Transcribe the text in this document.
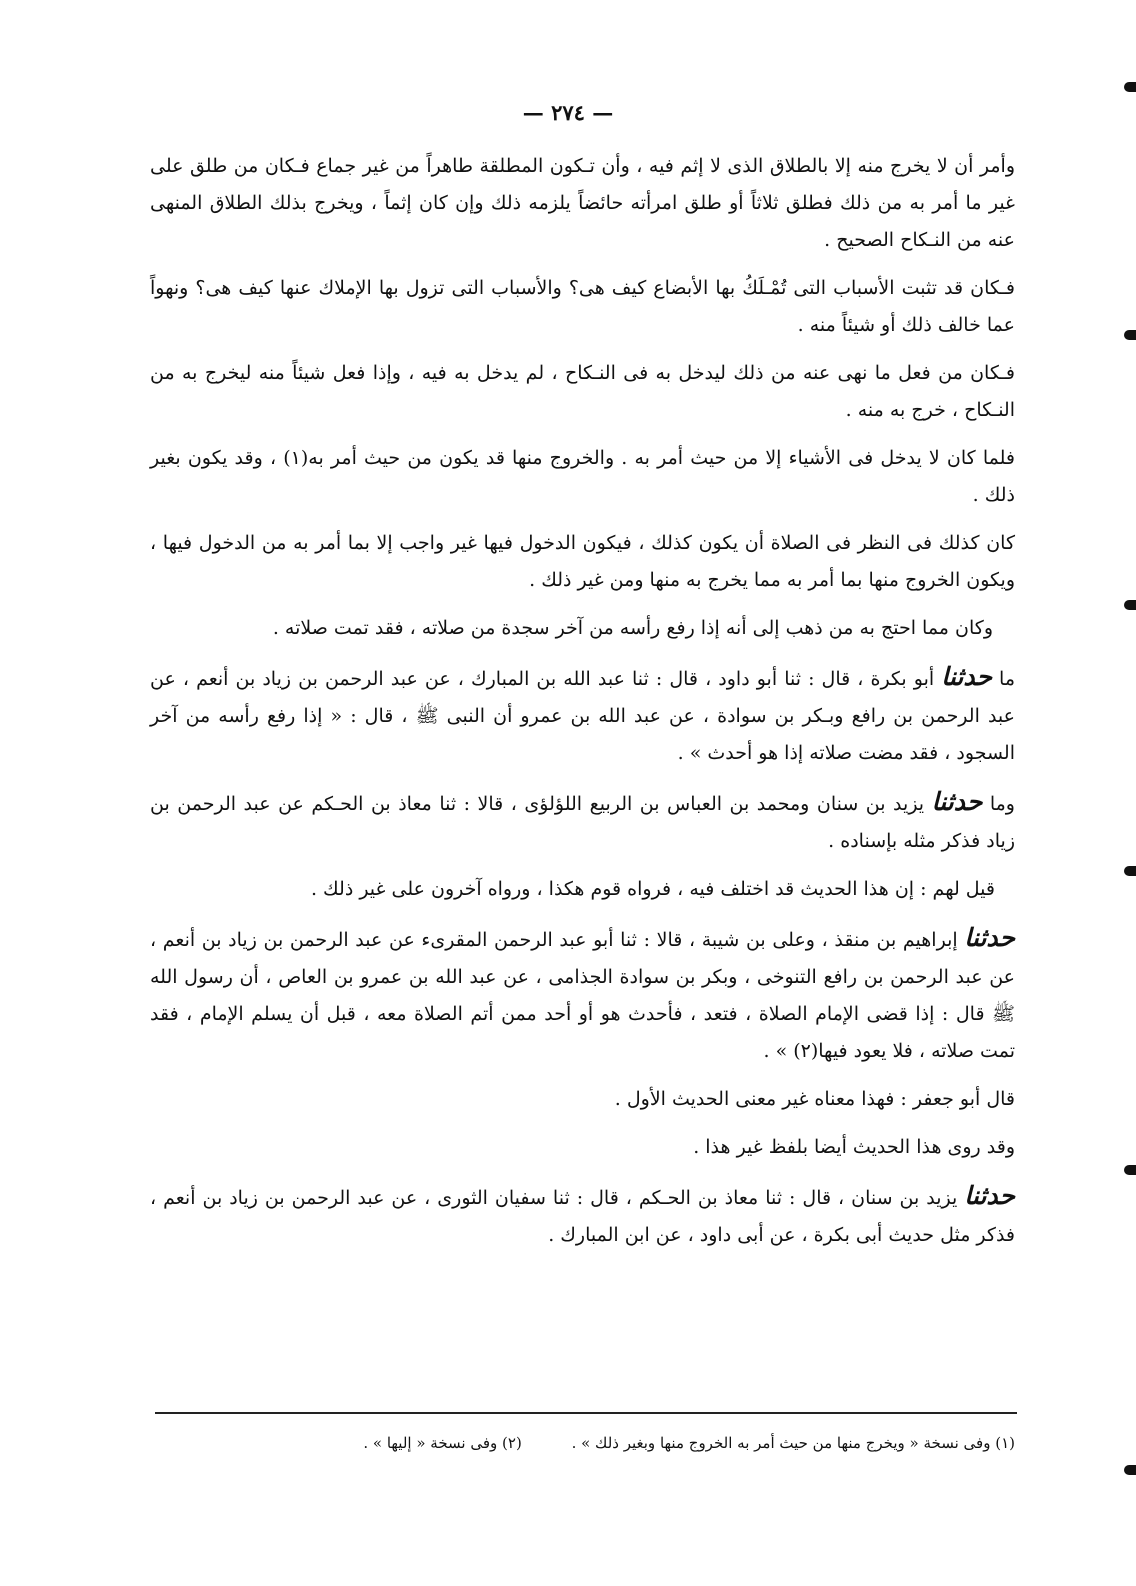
— ٢٧٤ —

وأمر أن لا يخرج منه إلا بالطلاق الذى لا إثم فيه ، وأن تـكون المطلقة طاهراً من غير جماع فـكان من طلق على غير ما أمر به من ذلك فطلق ثلاثاً أو طلق امرأته حائضاً يلزمه ذلك وإن كان إثماً ، ويخرج بذلك الطلاق المنهى عنه من النـكاح الصحيح .

فـكان قد تثبت الأسباب التى تُمْـلَكُ بها الأبضاع كيف هى؟ والأسباب التى تزول بها الإملاك عنها كيف هى؟ ونهواً عما خالف ذلك أو شيئاً منه .

فـكان من فعل ما نهى عنه من ذلك ليدخل به فى النـكاح ، لم يدخل به فيه ، وإذا فعل شيئاً منه ليخرج به من النـكاح ، خرج به منه .

فلما كان لا يدخل فى الأشياء إلا من حيث أمر به . والخروج منها قد يكون من حيث أمر به(١) ، وقد يكون بغير ذلك .

كان كذلك فى النظر فى الصلاة أن يكون كذلك ، فيكون الدخول فيها غير واجب إلا بما أمر به من الدخول فيها ، ويكون الخروج منها بما أمر به مما يخرج به منها ومن غير ذلك .

وكان مما احتج به من ذهب إلى أنه إذا رفع رأسه من آخر سجدة من صلاته ، فقد تمت صلاته .

ما حدثنا أبو بكرة ، قال : ثنا أبو داود ، قال : ثنا عبد الله بن المبارك ، عن عبد الرحمن بن زياد بن أنعم ، عن عبد الرحمن بن رافع وبـكر بن سوادة ، عن عبد الله بن عمرو أن النبى ﷺ ، قال : « إذا رفع رأسه من آخر السجود ، فقد مضت صلاته إذا هو أحدث » .

وما حدثنا يزيد بن سنان ومحمد بن العباس بن الربيع اللؤلؤى ، قالا : ثنا معاذ بن الحـكم عن عبد الرحمن بن زياد فذكر مثله بإسناده .

قيل لهم : إن هذا الحديث قد اختلف فيه ، فرواه قوم هكذا ، ورواه آخرون على غير ذلك .

حدثنا إبراهيم بن منقذ ، وعلى بن شيبة ، قالا : ثنا أبو عبد الرحمن المقرىء عن عبد الرحمن بن زياد بن أنعم ، عن عبد الرحمن بن رافع التنوخى ، وبكر بن سوادة الجذامى ، عن عبد الله بن عمرو بن العاص ، أن رسول الله ﷺ قال : إذا قضى الإمام الصلاة ، فتعد ، فأحدث هو أو أحد ممن أتم الصلاة معه ، قبل أن يسلم الإمام ، فقد تمت صلاته ، فلا يعود فيها(٢) » .

قال أبو جعفر : فهذا معناه غير معنى الحديث الأول .

وقد روى هذا الحديث أيضا بلفظ غير هذا .

حدثنا يزيد بن سنان ، قال : ثنا معاذ بن الحـكم ، قال : ثنا سفيان الثورى ، عن عبد الرحمن بن زياد بن أنعم ، فذكر مثل حديث أبى بكرة ، عن أبى داود ، عن ابن المبارك .

(١) وفى نسخة « ويخرج منها من حيث أمر به الخروج منها وبغير ذلك » . (٢) وفى نسخة « إليها » .
